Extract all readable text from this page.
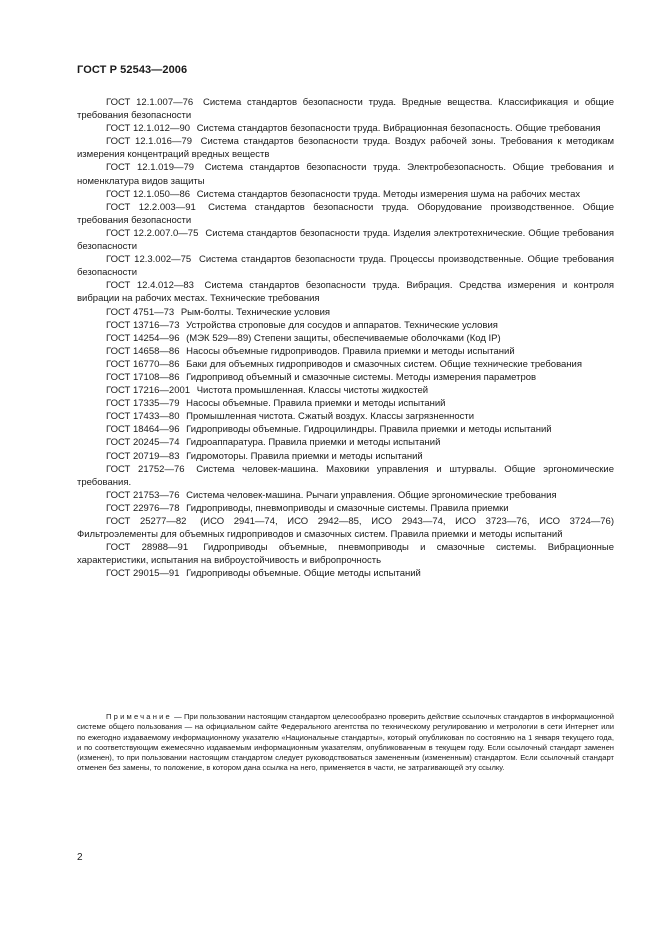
ГОСТ Р 52543—2006

ГОСТ 12.1.007—76 Система стандартов безопасности труда. Вредные вещества. Классификация и общие требования безопасности

ГОСТ 12.1.012—90 Система стандартов безопасности труда. Вибрационная безопасность. Общие требования

ГОСТ 12.1.016—79 Система стандартов безопасности труда. Воздух рабочей зоны. Требования к методикам измерения концентраций вредных веществ

ГОСТ 12.1.019—79 Система стандартов безопасности труда. Электробезопасность. Общие требования и номенклатура видов защиты

ГОСТ 12.1.050—86 Система стандартов безопасности труда. Методы измерения шума на рабочих местах

ГОСТ 12.2.003—91 Система стандартов безопасности труда. Оборудование производственное. Общие требования безопасности

ГОСТ 12.2.007.0—75 Система стандартов безопасности труда. Изделия электротехнические. Общие требования безопасности

ГОСТ 12.3.002—75 Система стандартов безопасности труда. Процессы производственные. Общие требования безопасности

ГОСТ 12.4.012—83 Система стандартов безопасности труда. Вибрация. Средства измерения и контроля вибрации на рабочих местах. Технические требования

ГОСТ 4751—73 Рым-болты. Технические условия

ГОСТ 13716—73 Устройства строповые для сосудов и аппаратов. Технические условия

ГОСТ 14254—96 (МЭК 529—89) Степени защиты, обеспечиваемые оболочками (Код IP)

ГОСТ 14658—86 Насосы объемные гидроприводов. Правила приемки и методы испытаний

ГОСТ 16770—86 Баки для объемных гидроприводов и смазочных систем. Общие технические требования

ГОСТ 17108—86 Гидропривод объемный и смазочные системы. Методы измерения параметров

ГОСТ 17216—2001 Чистота промышленная. Классы чистоты жидкостей

ГОСТ 17335—79 Насосы объемные. Правила приемки и методы испытаний

ГОСТ 17433—80 Промышленная чистота. Сжатый воздух. Классы загрязненности

ГОСТ 18464—96 Гидроприводы объемные. Гидроцилиндры. Правила приемки и методы испытаний

ГОСТ 20245—74 Гидроаппаратура. Правила приемки и методы испытаний

ГОСТ 20719—83 Гидромоторы. Правила приемки и методы испытаний

ГОСТ 21752—76 Система человек-машина. Маховики управления и штурвалы. Общие эргономические требования.

ГОСТ 21753—76 Система человек-машина. Рычаги управления. Общие эргономические требования

ГОСТ 22976—78 Гидроприводы, пневмоприводы и смазочные системы. Правила приемки

ГОСТ 25277—82 (ИСО 2941—74, ИСО 2942—85, ИСО 2943—74, ИСО 3723—76, ИСО 3724—76) Фильтроэлементы для объемных гидроприводов и смазочных систем. Правила приемки и методы испытаний

ГОСТ 28988—91 Гидроприводы объемные, пневмоприводы и смазочные системы. Вибрационные характеристики, испытания на виброустойчивость и вибропрочность

ГОСТ 29015—91 Гидроприводы объемные. Общие методы испытаний

Примечание — При пользовании настоящим стандартом целесообразно проверить действие ссылочных стандартов в информационной системе общего пользования — на официальном сайте Федерального агентства по техническому регулированию и метрологии в сети Интернет или по ежегодно издаваемому информационному указателю «Национальные стандарты», который опубликован по состоянию на 1 января текущего года, и по соответствующим ежемесячно издаваемым информационным указателям, опубликованным в текущем году. Если ссылочный стандарт заменен (изменен), то при пользовании настоящим стандартом следует руководствоваться замененным (измененным) стандартом. Если ссылочный стандарт отменен без замены, то положение, в котором дана ссылка на него, применяется в части, не затрагивающей эту ссылку.

2
